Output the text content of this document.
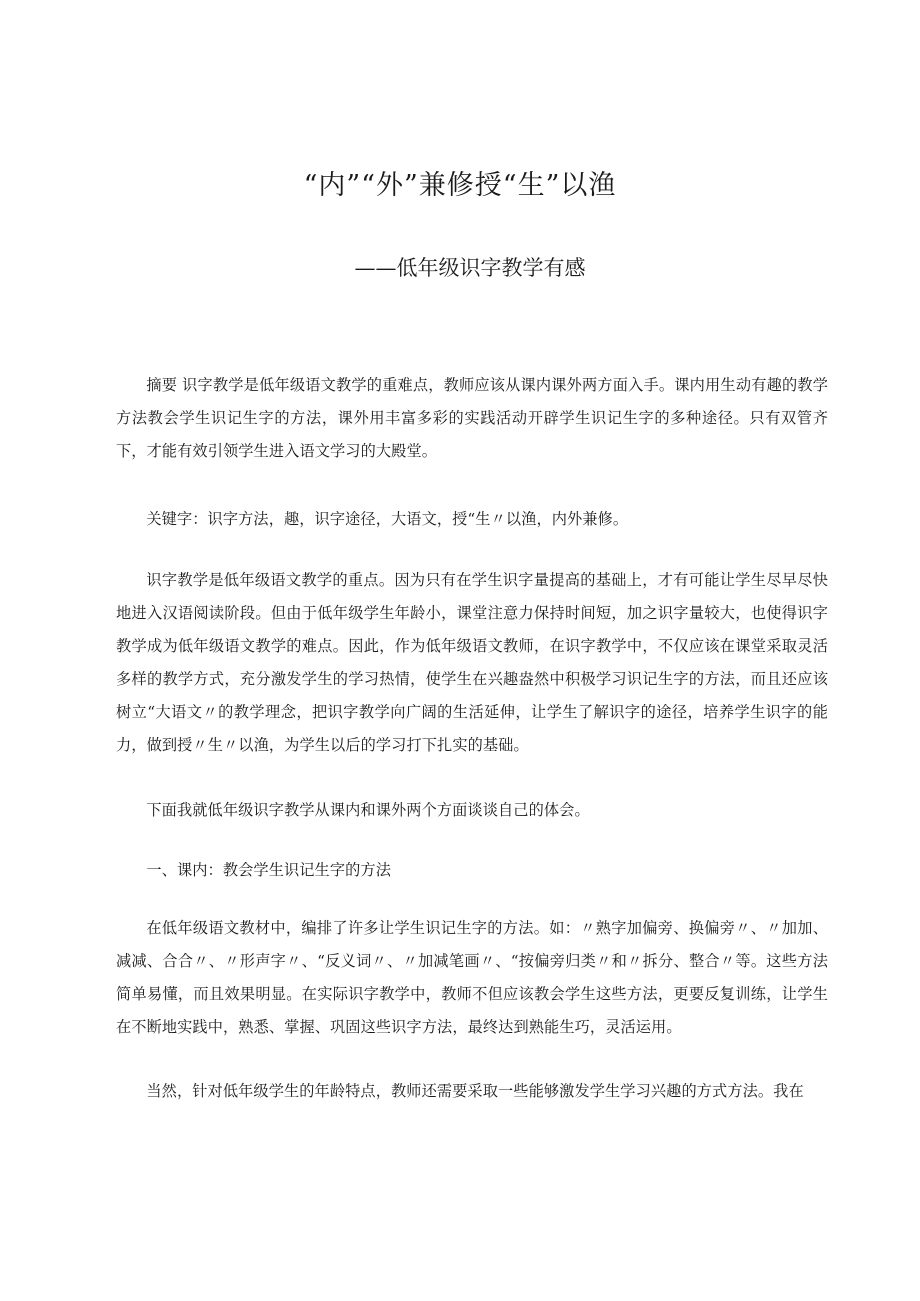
“内”“外”兼修授“生”以渔
——低年级识字教学有感

摘要 识字教学是低年级语文教学的重难点，教师应该从课内课外两方面入手。课内用生动有趣的教学方法教会学生识记生字的方法，课外用丰富多彩的实践活动开辟学生识记生字的多种途径。只有双管齐下，才能有效引领学生进入语文学习的大殿堂。

关键字：识字方法，趣，识字途径，大语文，授“生〃以渔，内外兼修。

识字教学是低年级语文教学的重点。因为只有在学生识字量提高的基础上，才有可能让学生尽早尽快地进入汉语阅读阶段。但由于低年级学生年龄小，课堂注意力保持时间短，加之识字量较大，也使得识字教学成为低年级语文教学的难点。因此，作为低年级语文教师，在识字教学中，不仅应该在课堂采取灵活多样的教学方式，充分激发学生的学习热情，使学生在兴趣盎然中积极学习识记生字的方法，而且还应该树立“大语文〃的教学理念，把识字教学向广阔的生活延伸，让学生了解识字的途径，培养学生识字的能力，做到授〃生〃以渔，为学生以后的学习打下扎实的基础。

下面我就低年级识字教学从课内和课外两个方面谈谈自己的体会。

一、课内：教会学生识记生字的方法

在低年级语文教材中，编排了许多让学生识记生字的方法。如：〃熟字加偏旁、换偏旁〃、〃加加、减减、合合〃、〃形声字〃、“反义词〃、〃加减笔画〃、“按偏旁归类〃和〃拆分、整合〃等。这些方法简单易懂，而且效果明显。在实际识字教学中，教师不但应该教会学生这些方法，更要反复训练，让学生在不断地实践中，熟悉、掌握、巩固这些识字方法，最终达到熟能生巧，灵活运用。

当然，针对低年级学生的年龄特点，教师还需要采取一些能够激发学生学习兴趣的方式方法。我在
